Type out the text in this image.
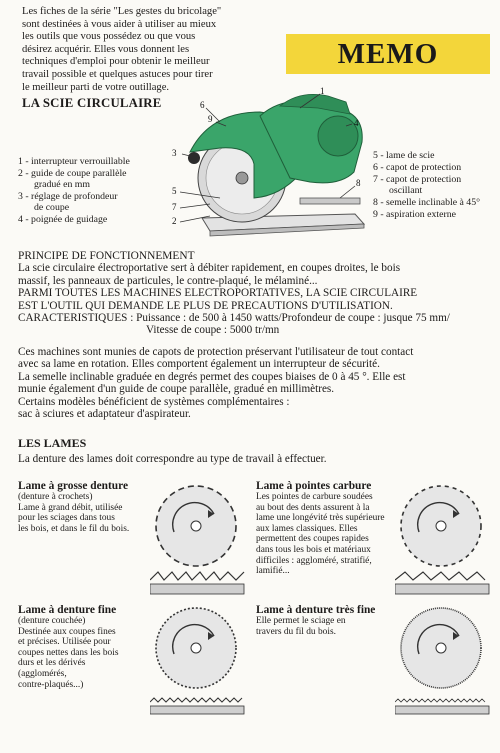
Les fiches de la série "Les gestes du bricolage"
sont destinées à vous aider à utiliser au mieux
les outils que vous possédez ou que vous
désirez acquérir. Elles vous donnent les
techniques d'emploi pour obtenir le meilleur
travail possible et quelques astuces pour tirer
le meilleur parti de votre outillage.
MEMO
LA SCIE CIRCULAIRE
1
3
5
4
7
6
2
8
9
1 - interrupteur verrouillable
2 - guide de coupe parallèle
gradué en mm
3 - réglage de profondeur
de coupe
4 - poignée de guidage
5 - lame de scie
6 - capot de protection
7 - capot de protection
oscillant
8 - semelle inclinable à 45°
9 - aspiration externe
PRINCIPE DE FONCTIONNEMENT
La scie circulaire électroportative sert à débiter rapidement, en coupes droites, le bois
massif, les panneaux de particules, le contre-plaqué, le mélaminé...
PARMI TOUTES LES MACHINES ELECTROPORTATIVES, LA SCIE CIRCULAIRE
EST L'OUTIL QUI DEMANDE LE PLUS DE PRECAUTIONS D'UTILISATION.
CARACTERISTIQUES : Puissance : de 500 à 1450 watts/Profondeur de coupe : jusque 75 mm/
Vitesse de coupe : 5000 tr/mn
Ces machines sont munies de capots de protection préservant l'utilisateur de tout contact
avec sa lame en rotation. Elles comportent également un interrupteur de sécurité.
La semelle inclinable graduée en degrés permet des coupes biaises de 0 à 45 °. Elle est
munie également d'un guide de coupe parallèle, gradué en millimètres.
Certains modèles bénéficient de systèmes complémentaires :
sac à sciures et adaptateur d'aspirateur.
LES LAMES
La denture des lames doit correspondre au type de travail à effectuer.
Lame à grosse denture
(denture à crochets)
Lame à grand débit, utilisée
pour les sciages dans tous
les bois, et dans le fil du bois.
Lame à pointes carbure
Les pointes de carbure soudées
au bout des dents assurent à la
lame une longévité très supérieure
aux lames classiques. Elles
permettent des coupes rapides
dans tous les bois et matériaux
difficiles : aggloméré, stratifié,
lamifié...
Lame à denture fine
(denture couchée)
Destinée aux coupes fines
et précises. Utilisée pour
coupes nettes dans les bois
durs et les dérivés
(agglomérés,
contre-plaqués...)
Lame à denture très fine
Elle permet le sciage en
travers du fil du bois.
